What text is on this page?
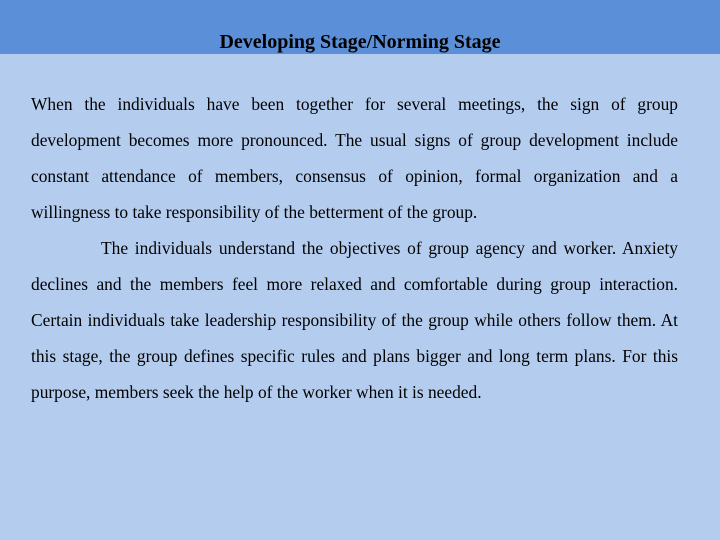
Developing Stage/Norming Stage

When the individuals have been together for several meetings, the sign of group development becomes more pronounced. The usual signs of group development include constant attendance of members, consensus of opinion, formal organization and a willingness to take responsibility of the betterment of the group.

The individuals understand the objectives of group agency and worker. Anxiety declines and the members feel more relaxed and comfortable during group interaction. Certain individuals take leadership responsibility of the group while others follow them. At this stage, the group defines specific rules and plans bigger and long term plans. For this purpose, members seek the help of the worker when it is needed.
